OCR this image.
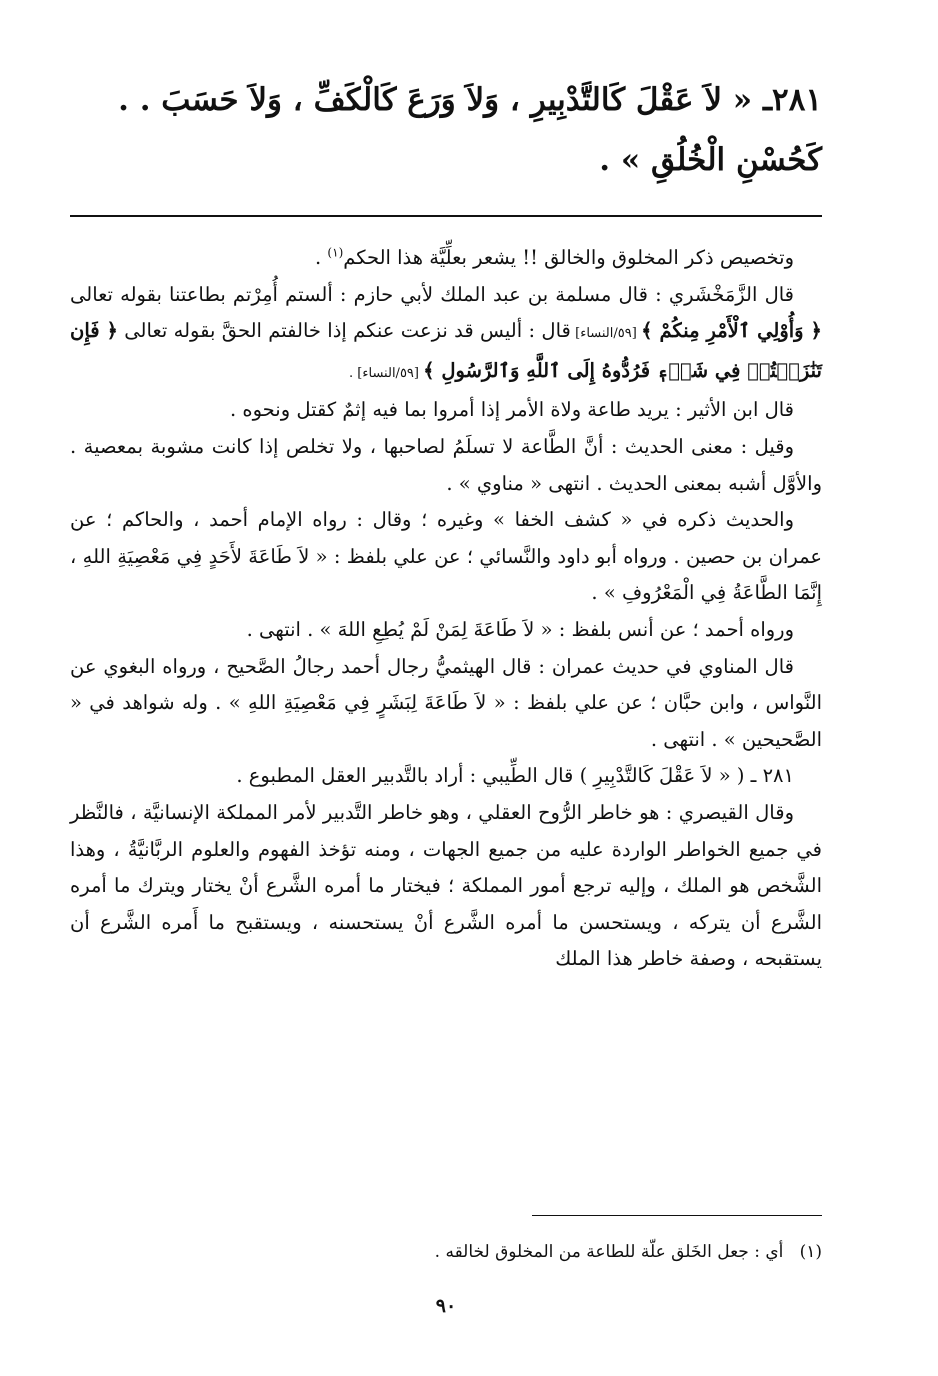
٢٨١ـ « لاَ عَقْلَ كَالتَّدْبِيرِ ، وَلاَ وَرَعَ كَالْكَفِّ ، وَلاَ حَسَبَ . .
كَحُسْنِ الْخُلُقِ » .

وتخصيص ذكر المخلوق والخالق !! يشعر بعلِّيَّة هذا الحكم$^{(١)}$ .

قال الزَّمَخْشَري : قال مسلمة بن عبد الملك لأبي حازم : ألستم أُمِرْتم بطاعتنا بقوله تعالى ﴿ وَأُوْلِي ٱلْأَمْرِ مِنكُمْ ﴾ [٥٩/النساء] قال : أليس قد نزعت عنكم إذا خالفتم الحقَّ بقوله تعالى ﴿ فَإِن تَنَٰزَعۡتُمۡ فِي شَيۡءٖ فَرُدُّوهُ إِلَى ٱللَّهِ وَٱلرَّسُولِ ﴾ [٥٩/النساء] .

قال ابن الأثير : يريد طاعة ولاة الأمر إذا أمروا بما فيه إثمٌ كقتل ونحوه .

وقيل : معنى الحديث : أنَّ الطَّاعة لا تسلَمُ لصاحبها ، ولا تخلص إذا كانت مشوبة بمعصية . والأوَّل أشبه بمعنى الحديث . انتهى « مناوي » .

والحديث ذكره في « كشف الخفا » وغيره ؛ وقال : رواه الإمام أحمد ، والحاكم ؛ عن عمران بن حصين . ورواه أبو داود والنَّسائي ؛ عن علي بلفظ : « لاَ طَاعَةَ لأَحَدٍ فِي مَعْصِيَةِ اللهِ ، إِنَّمَا الطَّاعَةُ فِي الْمَعْرُوفِ » .

ورواه أحمد ؛ عن أنس بلفظ : « لاَ طَاعَةَ لِمَنْ لَمْ يُطِعِ اللهَ » . انتهى .

قال المناوي في حديث عمران : قال الهيثميُّ رجال أحمد رجالُ الصَّحيح ، ورواه البغوي عن النَّواس ، وابن حبَّان ؛ عن علي بلفظ : « لاَ طَاعَةَ لِبَشَرٍ فِي مَعْصِيَةِ اللهِ » . وله شواهد في « الصَّحيحين » . انتهى .

٢٨١ ـ ( « لاَ عَقْلَ كَالتَّدْبِيرِ ) قال الطِّيبي : أراد بالتَّدبير العقل المطبوع .

وقال القيصري : هو خاطر الرُّوح العقلي ، وهو خاطر التَّدبير لأمر المملكة الإنسانيَّة ، فالنَّظر في جميع الخواطر الواردة عليه من جميع الجهات ، ومنه تؤخذ الفهوم والعلوم الربَّانيَّةُ ، وهذا الشَّخص هو الملك ، وإليه ترجع أمور المملكة ؛ فيختار ما أمره الشَّرع أنْ يختار ويترك ما أمره الشَّرع أن يتركه ، ويستحسن ما أمره الشَّرع أنْ يستحسنه ، ويستقبح ما أَمره الشَّرع أن يستقبحه ، وصفة خاطر هذا الملك

(١)   أي : جعل الخَلق علّة للطاعة من المخلوق لخالقه .

٩٠
